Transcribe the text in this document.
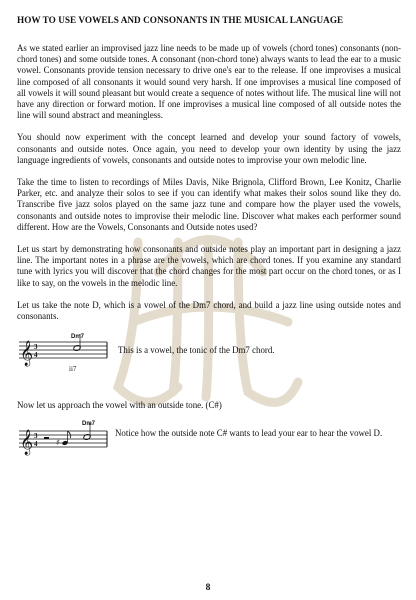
HOW TO USE VOWELS AND CONSONANTS IN THE MUSICAL LANGUAGE

As we stated earlier an improvised jazz line needs to be made up of vowels (chord tones) consonants (non-chord tones) and some outside tones. A consonant (non-chord tone) always wants to lead the ear to a music vowel. Consonants provide tension necessary to drive one's ear to the release. If one improvises a musical line composed of all consonants it would sound very harsh. If one improvises a musical line composed of all vowels it will sound pleasant but would create a sequence of notes without life. The musical line will not have any direction or forward motion. If one improvises a musical line composed of all outside notes the line will sound abstract and meaningless.

You should now experiment with the concept learned and develop your sound factory of vowels, consonants and outside notes. Once again, you need to develop your own identity by using the jazz language ingredients of vowels, consonants and outside notes to improvise your own melodic line.

Take the time to listen to recordings of Miles Davis, Nike Brignola, Clifford Brown, Lee Konitz, Charlie Parker, etc. and analyze their solos to see if you can identify what makes their solos sound like they do. Transcribe five jazz solos played on the same jazz tune and compare how the player used the vowels, consonants and outside notes to improvise their melodic line. Discover what makes each performer sound different. How are the Vowels, Consonants and Outside notes used?

Let us start by demonstrating how consonants and outside notes play an important part in designing a jazz line. The important notes in a phrase are the vowels, which are chord tones. If you examine any standard tune with lyrics you will discover that the chord changes for the most part occur on the chord tones, or as I like to say, on the vowels in the melodic line.

Let us take the note D, which is a vowel of the Dm7 chord, and build a jazz line using outside notes and consonants.

𝄞 3
4
Dm7
ii7
This is a vowel, the tonic of the Dm7 chord.

Now let us approach the vowel with an outside tone. (C#)

𝄞 3
4
Dm7
♯
Notice how the outside note C# wants to lead your ear to hear the vowel D.
8
